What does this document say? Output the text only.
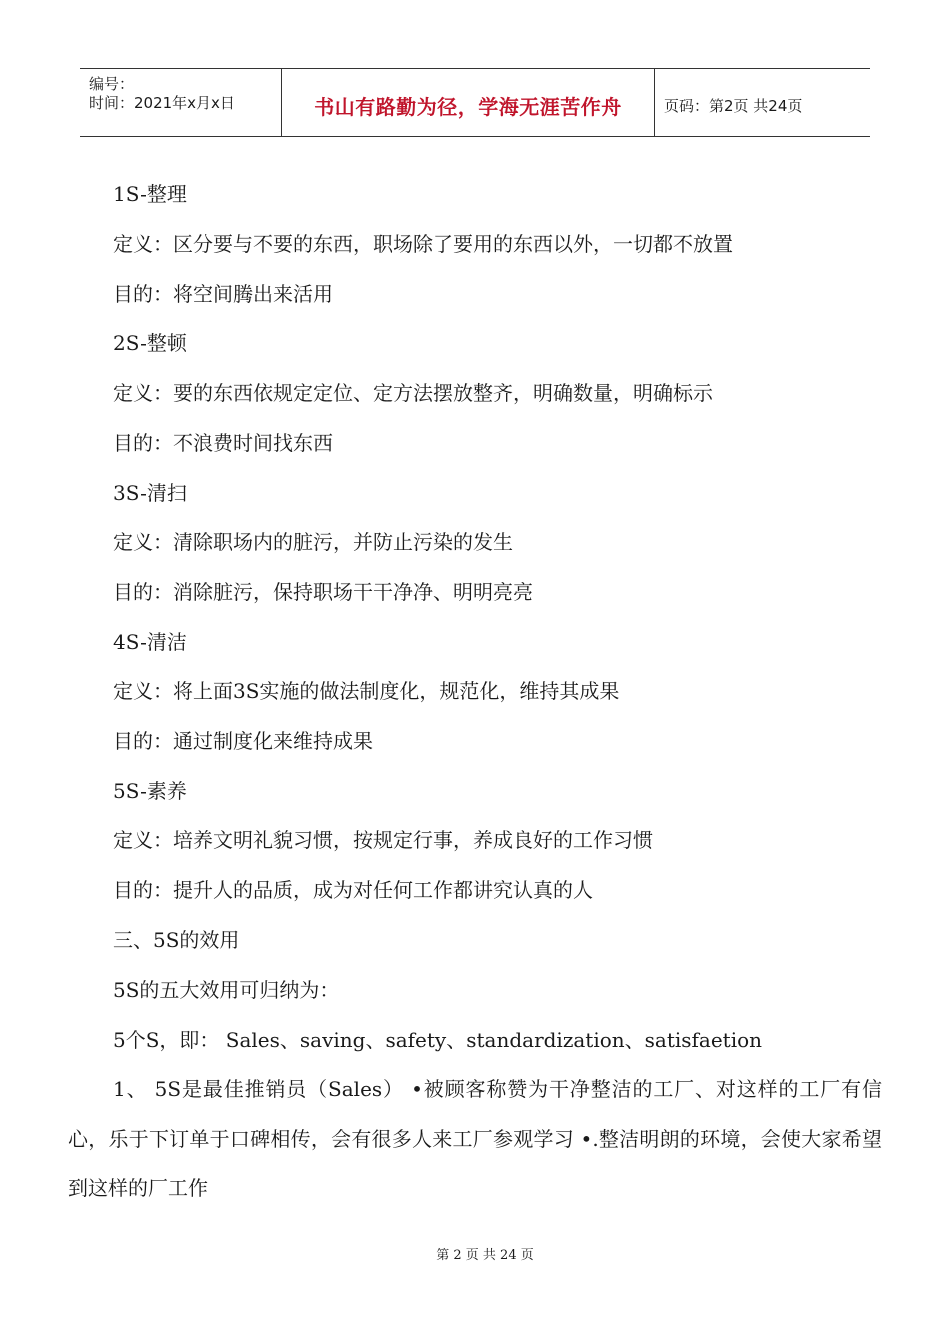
编号：
时间：2021年x月x日	书山有路勤为径，学海无涯苦作舟	页码：第2页 共24页
1S-整理
定义：区分要与不要的东西，职场除了要用的东西以外，一切都不放置
目的：将空间腾出来活用
2S-整顿
定义：要的东西依规定定位、定方法摆放整齐，明确数量，明确标示
目的：不浪费时间找东西
3S-清扫
定义：清除职场内的脏污，并防止污染的发生
目的：消除脏污，保持职场干干净净、明明亮亮
4S-清洁
定义：将上面3S实施的做法制度化，规范化，维持其成果
目的：通过制度化来维持成果
5S-素养
定义：培养文明礼貌习惯，按规定行事，养成良好的工作习惯
目的：提升人的品质，成为对任何工作都讲究认真的人
三、5S的效用
5S的五大效用可归纳为：
5个S，即： Sales、saving、safety、standardization、satisfaetion
1、 5S是最佳推销员（Sales） •被顾客称赞为干净整洁的工厂、对这样的工厂有信心，乐于下订单于口碑相传，会有很多人来工厂参观学习 •.整洁明朗的环境，会使大家希望到这样的厂工作
第 2 页 共 24 页
